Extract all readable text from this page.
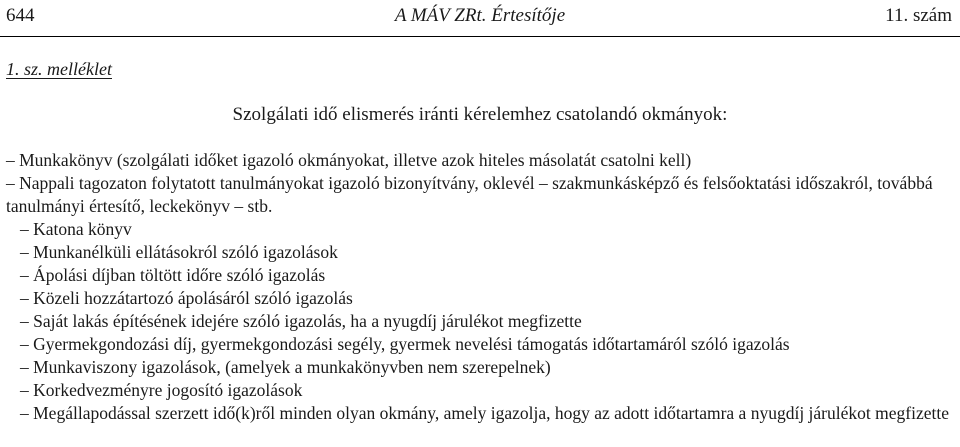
644	A MÁV ZRt. Értesítője	11. szám
1. sz. melléklet
Szolgálati idő elismerés iránti kérelemhez csatolandó okmányok:

– Munkakönyv (szolgálati időket igazoló okmányokat, illetve azok hiteles másolatát csatolni kell)

– Nappali tagozaton folytatott tanulmányokat igazoló bizonyítvány, oklevél – szakmunkásképző és felsőoktatási időszakról, továbbá tanulmányi értesítő, leckekönyv – stb.

– Katona könyv

– Munkanélküli ellátásokról szóló igazolások

– Ápolási díjban töltött időre szóló igazolás

– Közeli hozzátartozó ápolásáról szóló igazolás

– Saját lakás építésének idejére szóló igazolás, ha a nyugdíj járulékot megfizette

– Gyermekgondozási díj, gyermekgondozási segély, gyermek nevelési támogatás időtartamáról szóló igazolás

– Munkaviszony igazolások, (amelyek a munkakönyvben nem szerepelnek)

– Korkedvezményre jogosító igazolások

– Megállapodással szerzett idő(k)ről minden olyan okmány, amely igazolja, hogy az adott időtartamra a nyugdíj járulékot megfizette
